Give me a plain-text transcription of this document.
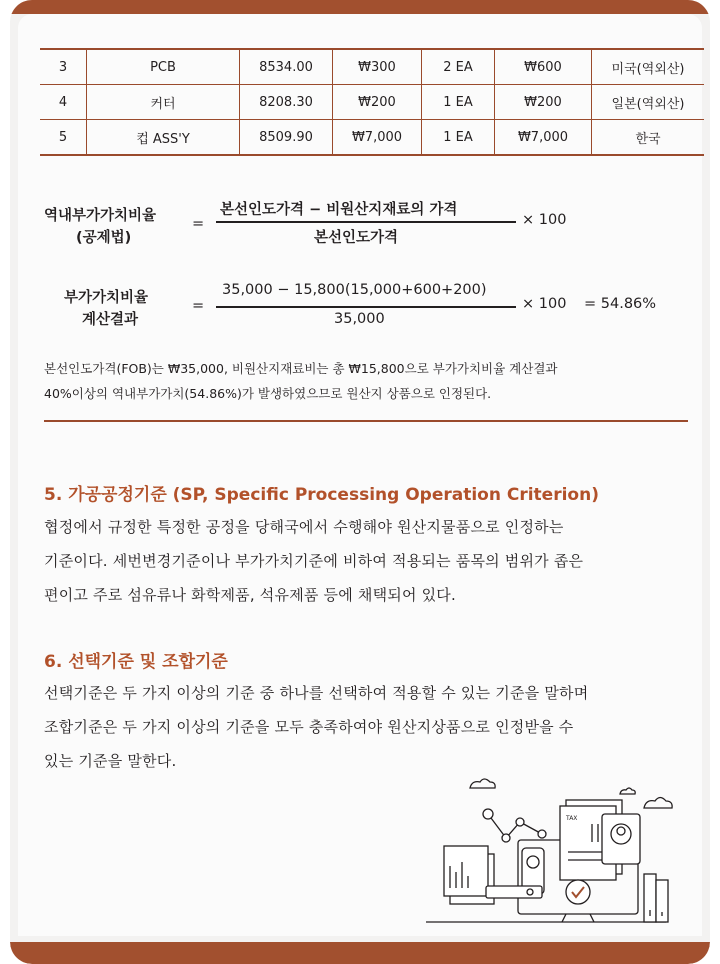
3	PCB	8534.00	₩300	2 EA	₩600	미국(역외산)
4	커터	8208.30	₩200	1 EA	₩200	일본(역외산)
5	컵 ASS'Y	8509.90	₩7,000	1 EA	₩7,000	한국
역내부가가치비율
(공제법)
=
본선인도가격 − 비원산지재료의 가격
본선인도가격
× 100
부가가치비율
계산결과
=
35,000 − 15,800(15,000+600+200)
35,000
× 100 = 54.86%
본선인도가격(FOB)는 ₩35,000, 비원산지재료비는 총 ₩15,800으로 부가가치비율 계산결과
40%이상의 역내부가가치(54.86%)가 발생하였으므로 원산지 상품으로 인정된다.
5. 가공공정기준 (SP, Specific Processing Operation Criterion)
협정에서 규정한 특정한 공정을 당해국에서 수행해야 원산지물품으로 인정하는
기준이다. 세번변경기준이나 부가가치기준에 비하여 적용되는 품목의 범위가 좁은
편이고 주로 섬유류나 화학제품, 석유제품 등에 채택되어 있다.
6. 선택기준 및 조합기준
선택기준은 두 가지 이상의 기준 중 하나를 선택하여 적용할 수 있는 기준을 말하며
조합기준은 두 가지 이상의 기준을 모두 충족하여야 원산지상품으로 인정받을 수
있는 기준을 말한다.
TAX
